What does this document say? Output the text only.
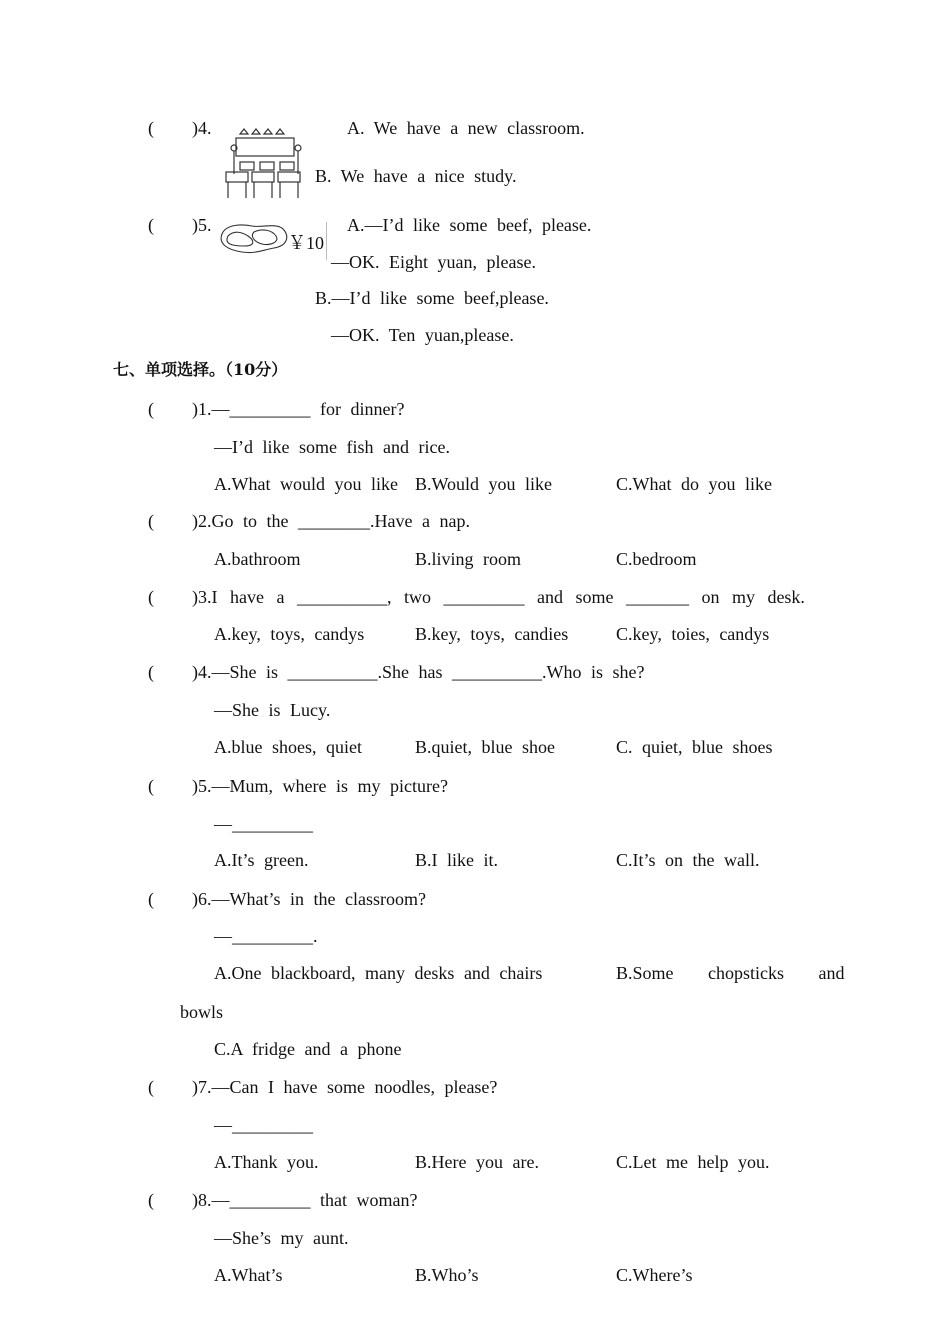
( )4.	A. We have a new classroom.
B. We have a nice study.
( )5.
￥10
A.—I’d like some beef, please.
—OK. Eight yuan, please.
B.—I’d like some beef,please.
—OK. Ten yuan,please.
七、单项选择。（10分）
( )1.—_________ for dinner?
—I’d like some fish and rice.
A.What would you like B.Would you like	C.What do you like
( )2.Go to the ________.Have a nap.
A.bathroom	B.living room	C.bedroom
( )3.I have a __________, two _________ and some _______ on my desk.
A.key, toys, candys	B.key, toys, candies	C.key, toies, candys
( )4.—She is __________.She has __________.Who is she?
—She is Lucy.
A.blue shoes, quiet	B.quiet, blue shoe	C. quiet, blue shoes
( )5.—Mum, where is my picture?
—_________
A.It’s green.	B.I like it.	C.It’s on the wall.
( )6.—What’s in the classroom?
—_________.
A.One blackboard, many desks and chairs	B.Some chopsticks and
bowls
C.A fridge and a phone
( )7.—Can I have some noodles, please?
—_________
A.Thank you.	B.Here you are.	C.Let me help you.
( )8.—_________ that woman?
—She’s my aunt.
A.What’s	B.Who’s	C.Where’s
